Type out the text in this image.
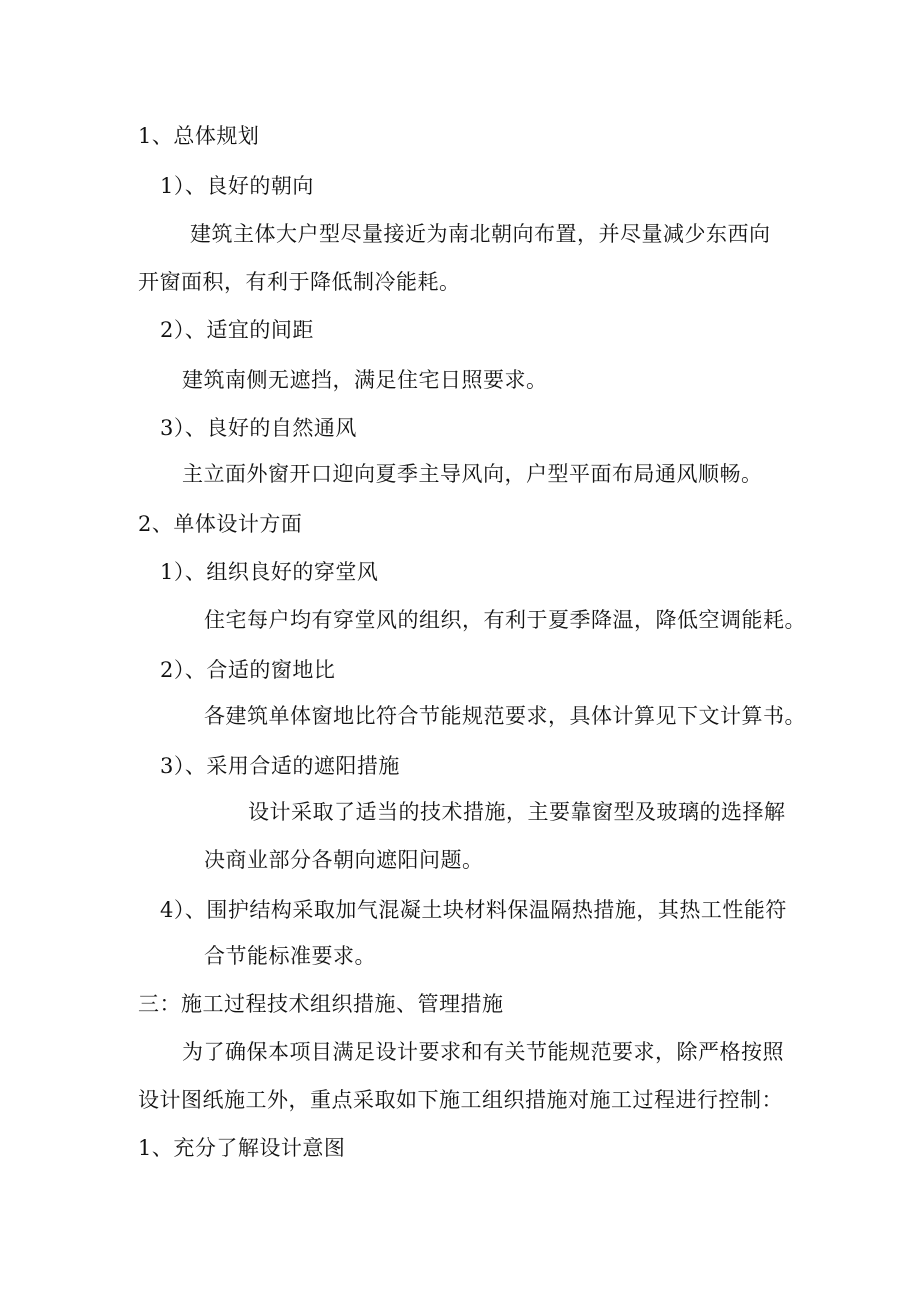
1、总体规划
1）、良好的朝向
建筑主体大户型尽量接近为南北朝向布置，并尽量减少东西向
开窗面积，有利于降低制冷能耗。
2）、适宜的间距
建筑南侧无遮挡，满足住宅日照要求。
3）、良好的自然通风
主立面外窗开口迎向夏季主导风向，户型平面布局通风顺畅。
2、单体设计方面
1）、组织良好的穿堂风
住宅每户均有穿堂风的组织，有利于夏季降温，降低空调能耗。
2）、合适的窗地比
各建筑单体窗地比符合节能规范要求，具体计算见下文计算书。
3）、采用合适的遮阳措施
设计采取了适当的技术措施，主要靠窗型及玻璃的选择解
决商业部分各朝向遮阳问题。
4）、围护结构采取加气混凝土块材料保温隔热措施，其热工性能符
合节能标准要求。
三：施工过程技术组织措施、管理措施
为了确保本项目满足设计要求和有关节能规范要求，除严格按照
设计图纸施工外，重点采取如下施工组织措施对施工过程进行控制：
1、充分了解设计意图
